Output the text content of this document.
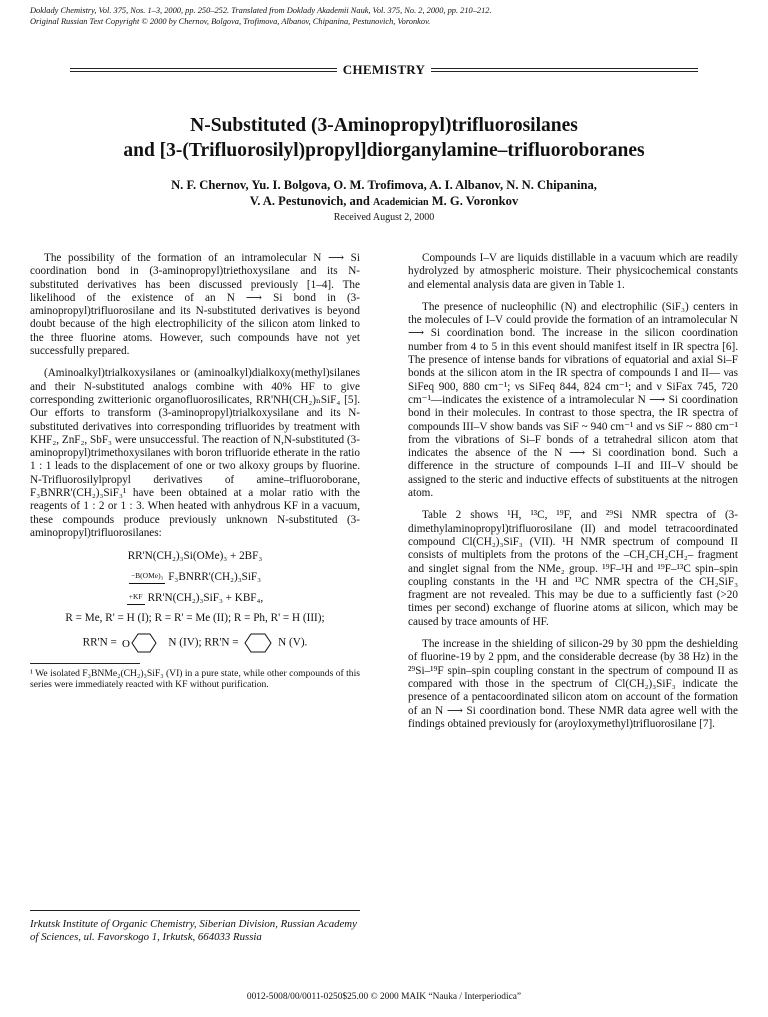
Doklady Chemistry, Vol. 375, Nos. 1–3, 2000, pp. 250–252. Translated from Doklady Akademii Nauk, Vol. 375, No. 2, 2000, pp. 210–212.
Original Russian Text Copyright © 2000 by Chernov, Bolgova, Trofimova, Albanov, Chipanina, Pestunovich, Voronkov.
CHEMISTRY
N-Substituted (3-Aminopropyl)trifluorosilanes
and [3-(Trifluorosilyl)propyl]diorganylamine–trifluoroboranes
N. F. Chernov, Yu. I. Bolgova, O. M. Trofimova, A. I. Albanov, N. N. Chipanina,
V. A. Pestunovich, and Academician M. G. Voronkov
Received August 2, 2000

The possibility of the formation of an intramolecular N ⟶ Si coordination bond in (3-aminopropyl)triethoxysilane and its N-substituted derivatives has been discussed previously [1–4]. The likelihood of the existence of an N ⟶ Si bond in (3-aminopropyl)trifluorosilane and its N-substituted derivatives is beyond doubt because of the high electrophilicity of the silicon atom linked to the three fluorine atoms. However, such compounds have not yet successfully prepared.

(Aminoalkyl)trialkoxysilanes or (aminoalkyl)dialkoxy(methyl)silanes and their N-substituted analogs combine with 40% HF to give corresponding zwitterionic organofluorosilicates, RR'NH(CH₂)ₙSiF₄ [5]. Our efforts to transform (3-aminopropyl)trialkoxysilane and its N-substituted derivatives into corresponding trifluorides by treatment with KHF₂, ZnF₂, SbF₃ were unsuccessful. The reaction of N,N-substituted (3-aminopropyl)trimethoxysilanes with boron trifluoride etherate in the ratio 1 : 1 leads to the displacement of one or two alkoxy groups by fluorine. N-Trifluorosilylpropyl derivatives of amine–trifluoroborane, F₃BNRR'(CH₂)₃SiF₃¹ have been obtained at a molar ratio with the reagents of 1 : 2 or 1 : 3. When heated with anhydrous KF in a vacuum, these compounds produce previously unknown N-substituted (3-aminopropyl)trifluorosilanes:

RR'N(CH₂)₃Si(OMe)₃ + 2BF₃
−B(OMe)₃ F₃BNRR'(CH₂)₃SiF₃
+KF RR'N(CH₂)₃SiF₃ + KBF₄,
R = Me, R' = H (I); R = R' = Me (II); R = Ph, R' = H (III);
RR'N = O	N (IV); RR'N =	N (V).
¹ We isolated F₃BNMe₂(CH₂)₃SiF₃ (VI) in a pure state, while other compounds of this series were immediately reacted with KF without purification.
Irkutsk Institute of Organic Chemistry, Siberian Division, Russian Academy of Sciences, ul. Favorskogo 1, Irkutsk, 664033 Russia

Compounds I–V are liquids distillable in a vacuum which are readily hydrolyzed by atmospheric moisture. Their physicochemical constants and elemental analysis data are given in Table 1.

The presence of nucleophilic (N) and electrophilic (SiF₃) centers in the molecules of I–V could provide the formation of an intramolecular N ⟶ Si coordination bond. The increase in the silicon coordination number from 4 to 5 in this event should manifest itself in IR spectra [6]. The presence of intense bands for vibrations of equatorial and axial Si–F bonds at the silicon atom in the IR spectra of compounds I and II— νas SiFeq 900, 880 cm⁻¹; νs SiFeq 844, 824 cm⁻¹; and ν SiFax 745, 720 cm⁻¹—indicates the existence of a intramolecular N ⟶ Si coordination bond in their molecules. In contrast to those spectra, the IR spectra of compounds III–V show bands νas SiF ~ 940 cm⁻¹ and νs SiF ~ 880 cm⁻¹ from the vibrations of Si–F bonds of a tetrahedral silicon atom that indicates the absence of the N ⟶ Si coordination bond. Such a difference in the structure of compounds I–II and III–V should be assigned to the steric and inductive effects of substituents at the nitrogen atom.

Table 2 shows ¹H, ¹³C, ¹⁹F, and ²⁹Si NMR spectra of (3-dimethylaminopropyl)trifluorosilane (II) and model tetracoordinated compound Cl(CH₂)₃SiF₃ (VII). ¹H NMR spectrum of compound II consists of multiplets from the protons of the –CH₂CH₂CH₂– fragment and singlet signal from the NMe₂ group. ¹⁹F–¹H and ¹⁹F–¹³C spin–spin coupling constants in the ¹H and ¹³C NMR spectra of the CH₂SiF₃ fragment are not revealed. This may be due to a sufficiently fast (>20 times per second) exchange of fluorine atoms at silicon, which may be caused by trace amounts of HF.

The increase in the shielding of silicon-29 by 30 ppm the deshielding of fluorine-19 by 2 ppm, and the considerable decrease (by 38 Hz) in the ²⁹Si–¹⁹F spin–spin coupling constant in the spectrum of compound II as compared with those in the spectrum of Cl(CH₂)₃SiF₃ indicate the presence of a pentacoordinated silicon atom on account of the formation of an N ⟶ Si coordination bond. These NMR data agree well with the findings obtained previously for (aroyloxymethyl)trifluorosilane [7].

0012-5008/00/0011-0250$25.00 © 2000 MAIK “Nauka / Interperiodica”
